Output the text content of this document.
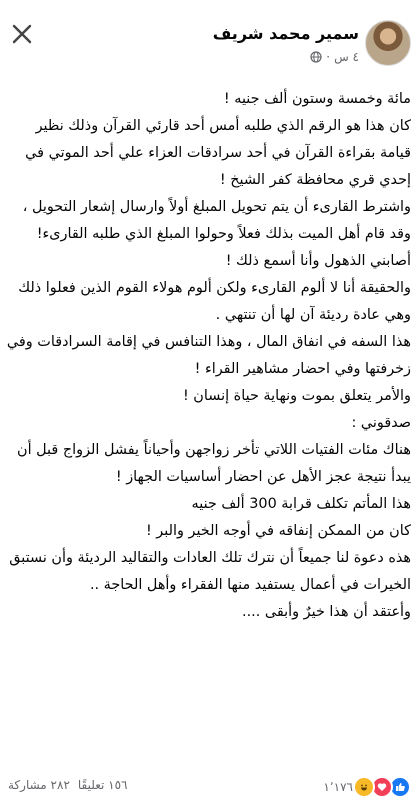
سمير محمد شريف
٤ س
·

مائة وخمسة وستون ألف جنيه !

كان هذا هو الرقم الذي طلبه أمس أحد قارئي القرآن وذلك نظير قيامة بقراءة القرآن في أحد سرادقات العزاء علي أحد الموتي في إحدي قري محافظة كفر الشيخ !

واشترط القارىء أن يتم تحويل المبلغ أولاً وارسال إشعار التحويل ، وقد قام أهل الميت بذلك فعلاً وحولوا المبلغ الذي طلبه القارىء!

أصابني الذهول وأنا أسمع ذلك !

والحقيقة أنا لا ألوم القارىء ولكن ألوم هولاء القوم الذين فعلوا ذلك

وهي عادة رديئة آن لها أن تنتهي .

هذا السفه في انفاق المال ، وهذا التنافس في إقامة السرادقات وفي زخرفتها وفي احضار مشاهير القراء !

والأمر يتعلق بموت ونهاية حياة إنسان !

صدقوني :

هناك مئات الفتيات اللاتي تأخر زواجهن وأحياناً يفشل الزواج قبل أن يبدأ نتيجة عجز الأهل عن احضار أساسيات الجهاز !

هذا المأتم تكلف قرابة 300 ألف جنيه

كان من الممكن إنفاقه في أوجه الخير والبر !

هذه دعوة لنا جميعاً أن نترك تلك العادات والتقاليد الرديئة وأن نستبق الخيرات في أعمال يستفيد منها الفقراء وأهل الحاجة ..

وأعتقد أن هذا خيرٌ وأبقى ....

١٬١٧٦
١٥٦ تعليقًا
٢٨٢ مشاركة
